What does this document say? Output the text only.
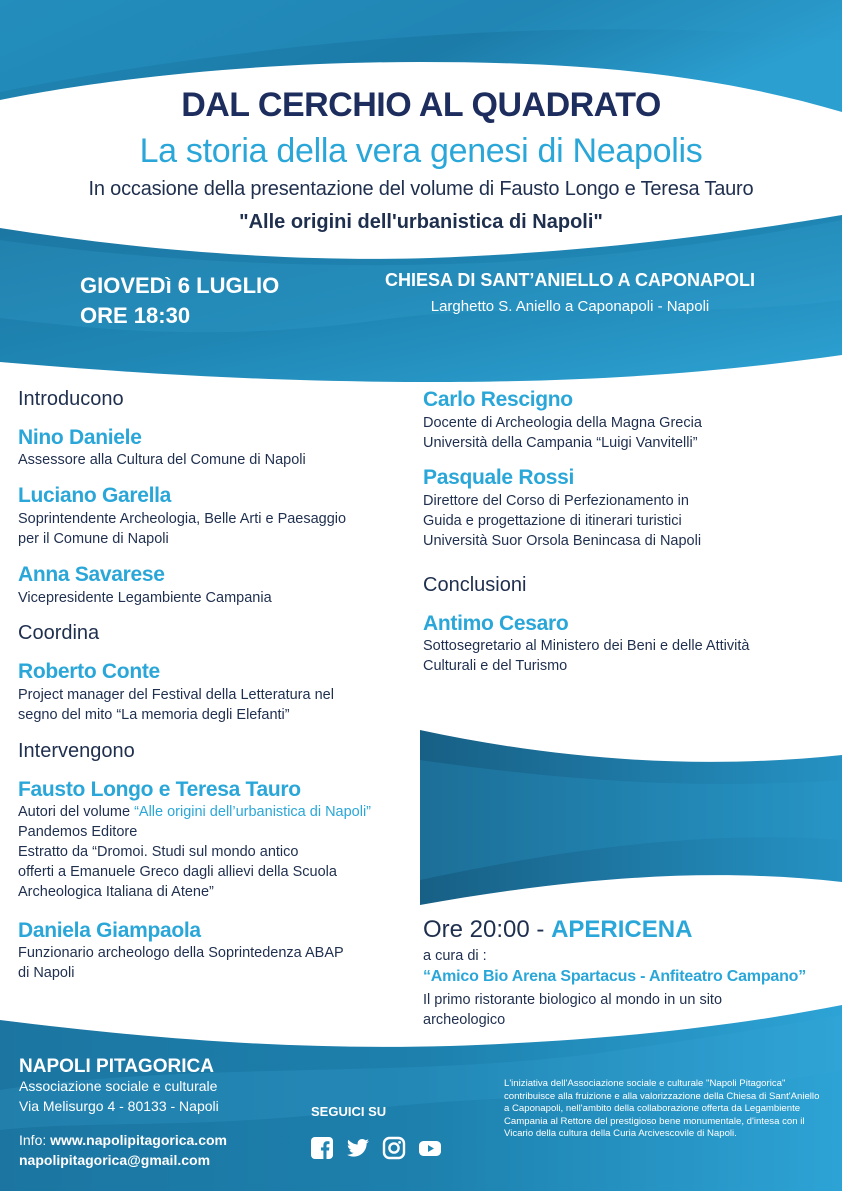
DAL CERCHIO AL QUADRATO
La storia della vera genesi di Neapolis
In occasione della presentazione del volume di Fausto Longo e Teresa Tauro
"Alle origini dell'urbanistica di Napoli"
GIOVEDì 6 LUGLIO
ORE 18:30
CHIESA DI SANT’ANIELLO A CAPONAPOLI
Larghetto S. Aniello a Caponapoli - Napoli
Introducono
Nino Daniele
Assessore alla Cultura del Comune di Napoli
Luciano Garella
Soprintendente Archeologia, Belle Arti e Paesaggio
per il Comune di Napoli
Anna Savarese
Vicepresidente Legambiente Campania
Coordina
Roberto Conte
Project manager del Festival della Letteratura nel
segno del mito “La memoria degli Elefanti”
Intervengono
Fausto Longo e Teresa Tauro
Autori del volume “Alle origini dell’urbanistica di Napoli”
Pandemos Editore
Estratto da “Dromoi. Studi sul mondo antico
offerti a Emanuele Greco dagli allievi della Scuola
Archeologica Italiana di Atene”
Daniela Giampaola
Funzionario archeologo della Soprintedenza ABAP
di Napoli
Carlo Rescigno
Docente di Archeologia della Magna Grecia
Università della Campania “Luigi Vanvitelli”
Pasquale Rossi
Direttore del Corso di Perfezionamento in
Guida e progettazione di itinerari turistici
Università Suor Orsola Benincasa di Napoli
Conclusioni
Antimo Cesaro
Sottosegretario al Ministero dei Beni e delle Attività
Culturali e del Turismo
Ore 20:00 - APERICENA
a cura di :
“Amico Bio Arena Spartacus - Anfiteatro Campano”
Il primo ristorante biologico al mondo in un sito
archeologico
NAPOLI PITAGORICA
Associazione sociale e culturale
Via Melisurgo 4 - 80133 - Napoli
Info: www.napolipitagorica.com
napolipitagorica@gmail.com
SEGUICI SU
L'iniziativa dell'Associazione sociale e culturale "Napoli Pitagorica" contribuisce alla fruizione e alla valorizzazione della Chiesa di Sant'Aniello a Caponapoli, nell'ambito della collaborazione offerta da Legambiente Campania al Rettore del prestigioso bene monumentale, d'intesa con il Vicario della cultura della Curia Arcivescovile di Napoli.
